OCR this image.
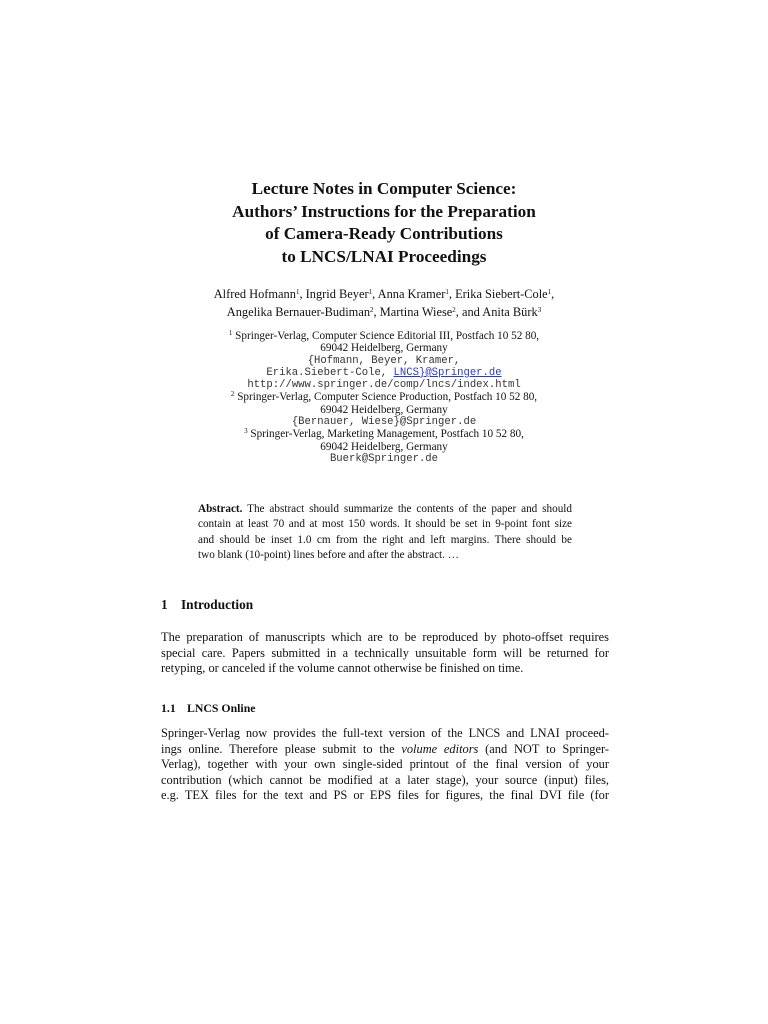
Lecture Notes in Computer Science:
Authors’ Instructions for the Preparation
of Camera-Ready Contributions
to LNCS/LNAI Proceedings
Alfred Hofmann$^1$, Ingrid Beyer$^1$, Anna Kramer$^1$, Erika Siebert-Cole$^1$,
Angelika Bernauer-Budiman$^2$, Martina Wiese$^2$, and Anita Bürk$^3$
$^1$ Springer-Verlag, Computer Science Editorial III, Postfach 10 52 80,
69042 Heidelberg, Germany
{Hofmann, Beyer, Kramer,
Erika.Siebert-Cole, LNCS}@Springer.de
http://www.springer.de/comp/lncs/index.html
$^2$ Springer-Verlag, Computer Science Production, Postfach 10 52 80,
69042 Heidelberg, Germany
{Bernauer, Wiese}@Springer.de
$^3$ Springer-Verlag, Marketing Management, Postfach 10 52 80,
69042 Heidelberg, Germany
Buerk@Springer.de
Abstract. The abstract should summarize the contents of the paper and should
contain at least 70 and at most 150 words. It should be set in 9-point font size
and should be inset 1.0 cm from the right and left margins. There should be
two blank (10-point) lines before and after the abstract. …
1 Introduction
The preparation of manuscripts which are to be reproduced by photo-offset requires
special care. Papers submitted in a technically unsuitable form will be returned for
retyping, or canceled if the volume cannot otherwise be finished on time.
1.1 LNCS Online
Springer-Verlag now provides the full-text version of the LNCS and LNAI proceed-
ings online. Therefore please submit to the volume editors (and NOT to Springer-
Verlag), together with your own single-sided printout of the final version of your
contribution (which cannot be modified at a later stage), your source (input) files,
e.g. TEX files for the text and PS or EPS files for figures, the final DVI file (for
